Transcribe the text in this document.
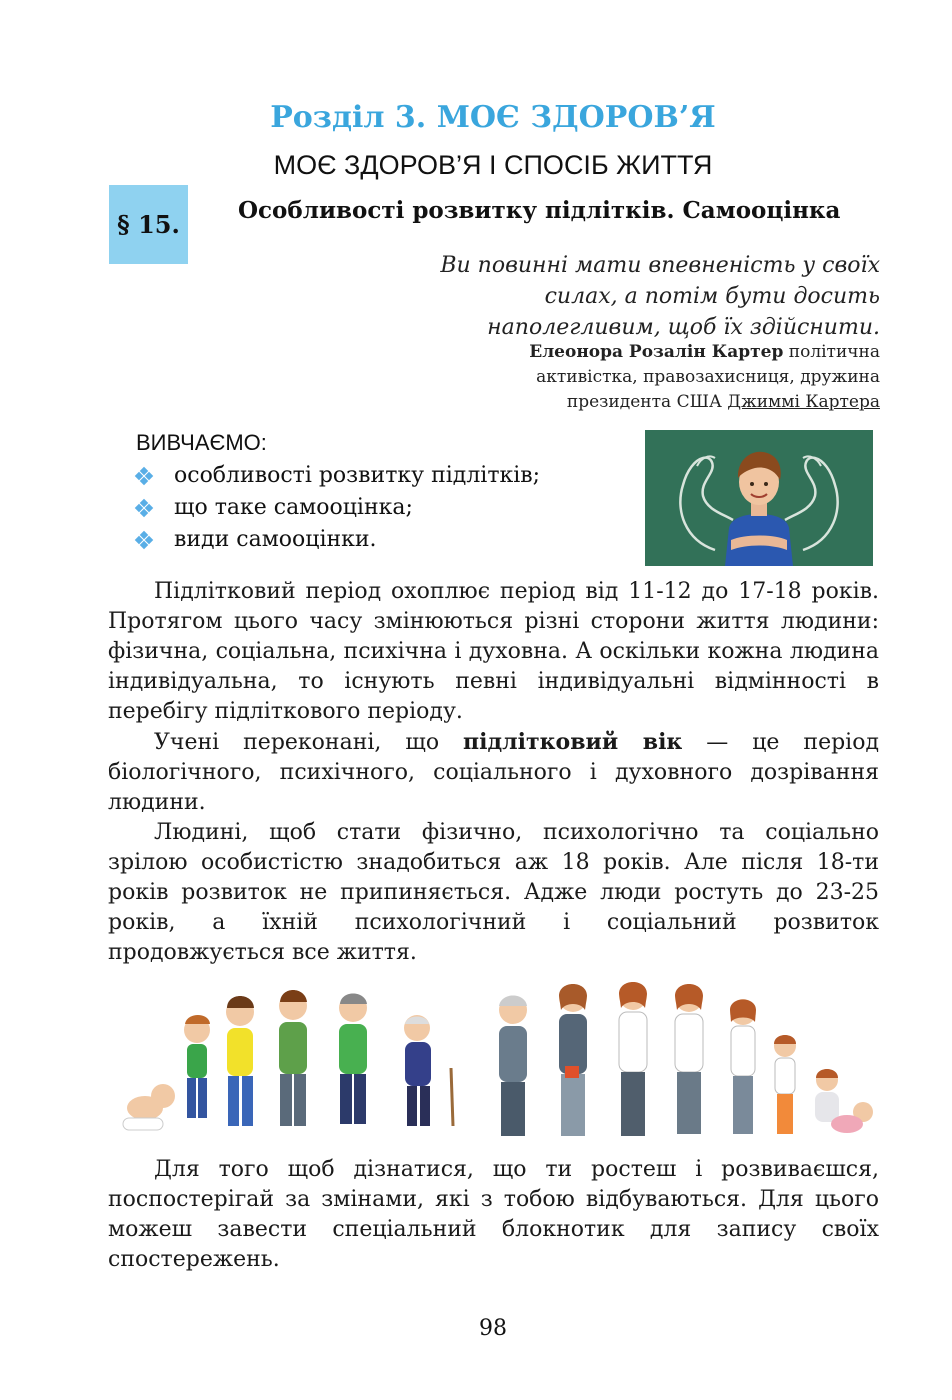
Розділ 3. МОЄ ЗДОРОВ’Я
МОЄ ЗДОРОВ’Я І СПОСІБ ЖИТТЯ
§ 15.	Особливості розвитку підлітків. Самооцінка
Ви повинні мати впевненість у своїх
силах, а потім бути досить
наполегливим, щоб їх здійснити.
Елеонора Розалін Картер політична
активістка, правозахисниця, дружина
президента США Джиммі Картера
ВИВЧАЄМО:
особливості розвитку підлітків;
що таке самооцінка;
види самооцінки.

Підлітковий період охоплює період від 11-12 до 17-18 років. Протягом цього часу змінюються різні сторони життя людини: фізична, соціальна, психічна і духовна. А оскільки кожна людина індивідуальна, то існують певні індивідуальні відмінності в перебігу підліткового періоду.

Учені переконані, що підлітковий вік — це період біологічного, психічного, соціального і духовного дозрівання людини.

Людині, щоб стати фізично, психологічно та соціально зрілою особистістю знадобиться аж 18 років. Але після 18-ти років розвиток не припиняється. Адже люди ростуть до 23-25 років, а їхній психологічний і соціальний розвиток продовжується все життя.

Для того щоб дізнатися, що ти ростеш і розвиваєшся, поспостерігай за змінами, які з тобою відбуваються. Для цього можеш завести спеціальний блокнотик для запису своїх спостережень.

98
